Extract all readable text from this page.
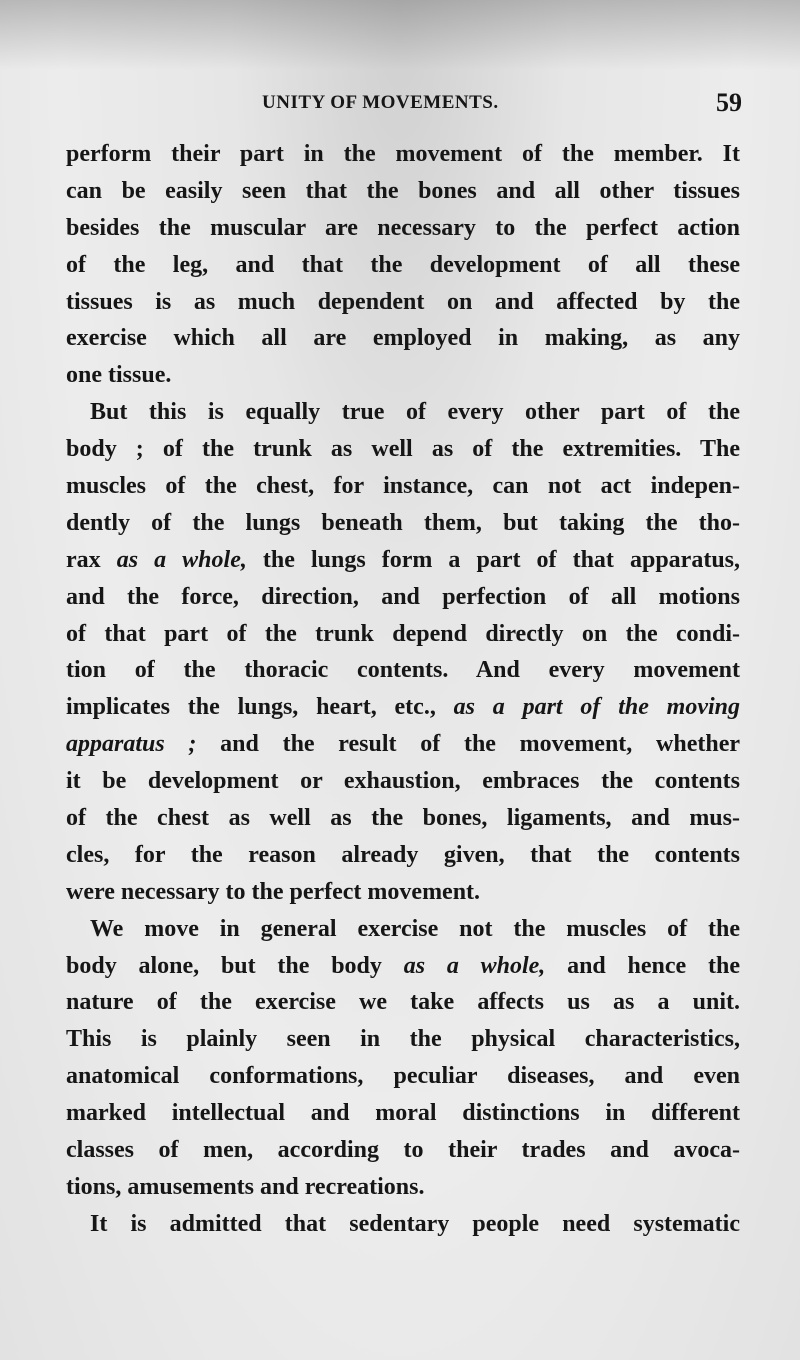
UNITY OF MOVEMENTS.	59
perform their part in the movement of the member. It
can be easily seen that the bones and all other tissues
besides the muscular are necessary to the perfect action
of the leg, and that the development of all these
tissues is as much dependent on and affected by the
exercise which all are employed in making, as any
one tissue.
But this is equally true of every other part of the
body ; of the trunk as well as of the extremities. The
muscles of the chest, for instance, can not act indepen-
dently of the lungs beneath them, but taking the tho-
rax as a whole, the lungs form a part of that apparatus,
and the force, direction, and perfection of all motions
of that part of the trunk depend directly on the condi-
tion of the thoracic contents. And every movement
implicates the lungs, heart, etc., as a part of the moving
apparatus ; and the result of the movement, whether
it be development or exhaustion, embraces the contents
of the chest as well as the bones, ligaments, and mus-
cles, for the reason already given, that the contents
were necessary to the perfect movement.
We move in general exercise not the muscles of the
body alone, but the body as a whole, and hence the
nature of the exercise we take affects us as a unit.
This is plainly seen in the physical characteristics,
anatomical conformations, peculiar diseases, and even
marked intellectual and moral distinctions in different
classes of men, according to their trades and avoca-
tions, amusements and recreations.
It is admitted that sedentary people need systematic
